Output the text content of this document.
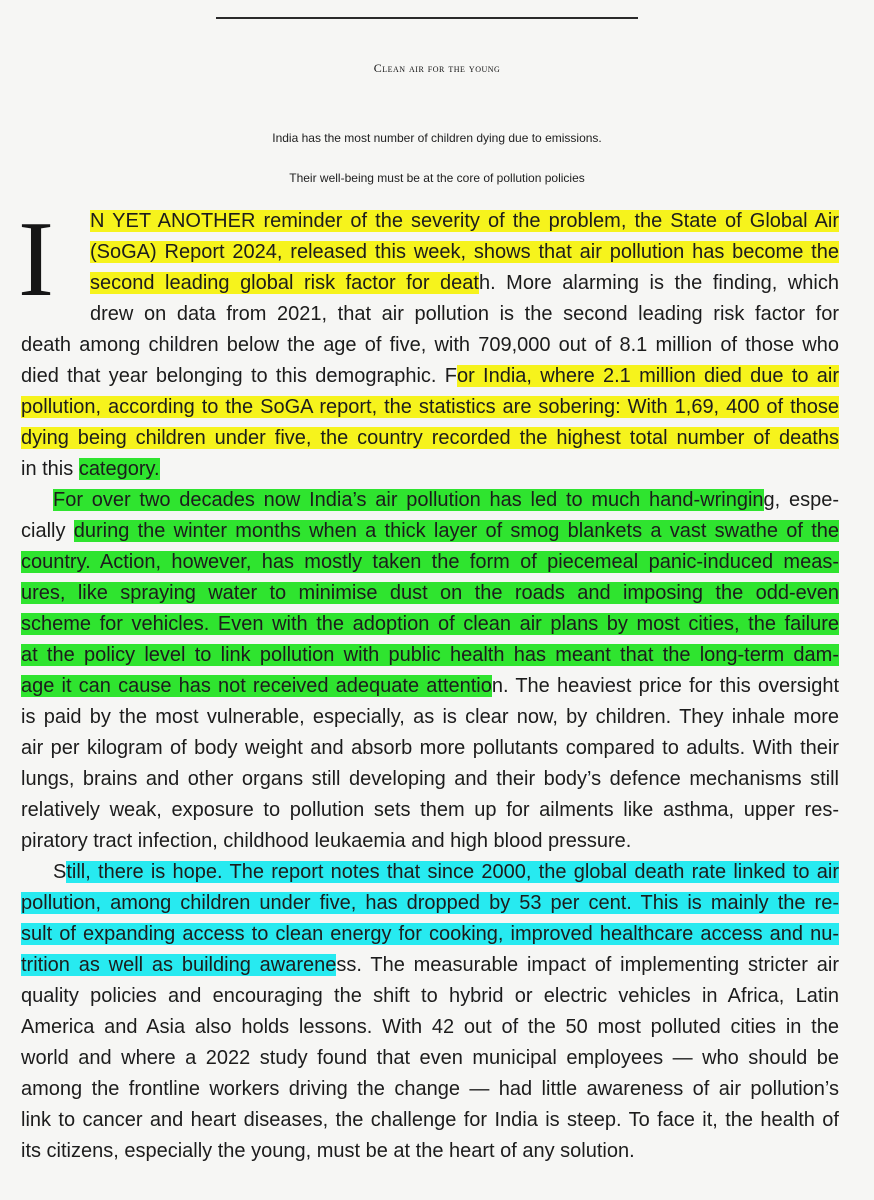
Clean air for the young
India has the most number of children dying due to emissions.
Their well-being must be at the core of pollution policies
I	N YET ANOTHER reminder of the severity of the problem, the State of Global Air
(SoGA) Report 2024, released this week, shows that air pollution has become the
second leading global risk factor for death. More alarming is the finding, which
drew on data from 2021, that air pollution is the second leading risk factor for
death among children below the age of five, with 709,000 out of 8.1 million of those who
died that year belonging to this demographic. For India, where 2.1 million died due to air
pollution, according to the SoGA report, the statistics are sobering: With 1,69, 400 of those
dying being children under five, the country recorded the highest total number of deaths
in this category.
For over two decades now India’s air pollution has led to much hand-wringing, espe-
cially during the winter months when a thick layer of smog blankets a vast swathe of the
country. Action, however, has mostly taken the form of piecemeal panic-induced meas-
ures, like spraying water to minimise dust on the roads and imposing the odd-even
scheme for vehicles. Even with the adoption of clean air plans by most cities, the failure
at the policy level to link pollution with public health has meant that the long-term dam-
age it can cause has not received adequate attention. The heaviest price for this oversight
is paid by the most vulnerable, especially, as is clear now, by children. They inhale more
air per kilogram of body weight and absorb more pollutants compared to adults. With their
lungs, brains and other organs still developing and their body’s defence mechanisms still
relatively weak, exposure to pollution sets them up for ailments like asthma, upper res-
piratory tract infection, childhood leukaemia and high blood pressure.
Still, there is hope. The report notes that since 2000, the global death rate linked to air
pollution, among children under five, has dropped by 53 per cent. This is mainly the re-
sult of expanding access to clean energy for cooking, improved healthcare access and nu-
trition as well as building awareness. The measurable impact of implementing stricter air
quality policies and encouraging the shift to hybrid or electric vehicles in Africa, Latin
America and Asia also holds lessons. With 42 out of the 50 most polluted cities in the
world and where a 2022 study found that even municipal employees — who should be
among the frontline workers driving the change — had little awareness of air pollution’s
link to cancer and heart diseases, the challenge for India is steep. To face it, the health of
its citizens, especially the young, must be at the heart of any solution.
